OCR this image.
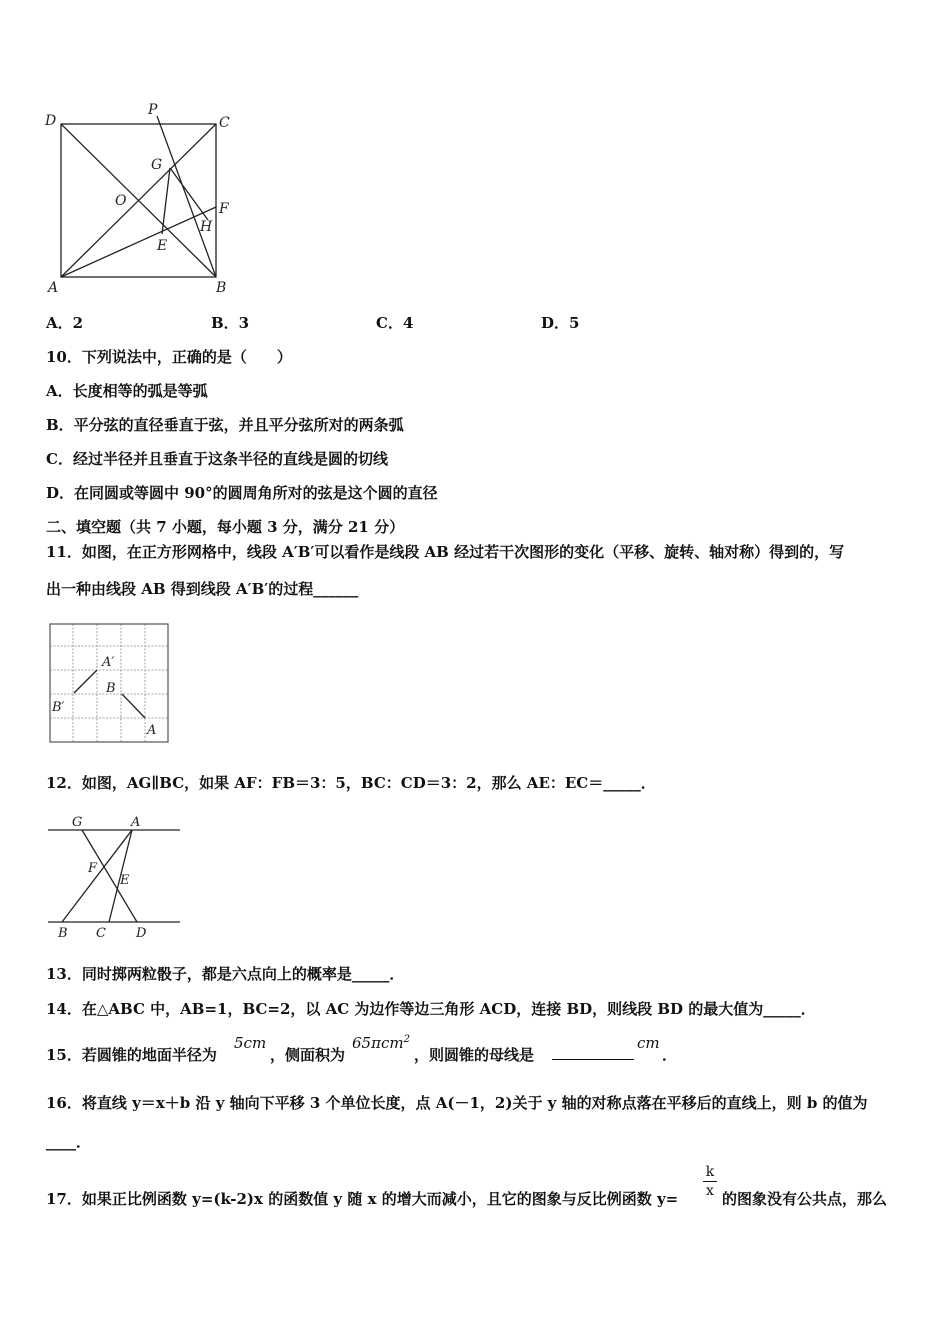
D
P
C
G
O	F
H
E
A	B
A．2	B．3	C．4	D．5
10．下列说法中，正确的是（　　）
A．长度相等的弧是等弧
B．平分弦的直径垂直于弦，并且平分弦所对的两条弧
C．经过半径并且垂直于这条半径的直线是圆的切线
D．在同圆或等圆中 90°的圆周角所对的弦是这个圆的直径
二、填空题（共 7 小题，每小题 3 分，满分 21 分）
11．如图，在正方形网格中，线段 A′B′可以看作是线段 AB 经过若干次图形的变化（平移、旋转、轴对称）得到的，写
出一种由线段 AB 得到线段 A′B′的过程______
A′
B
B′
A
12．如图，AG∥BC，如果 AF：FB＝3：5，BC：CD＝3：2，那么 AE：EC＝_____．
G	A
F
E
B C D
13．同时掷两粒骰子，都是六点向上的概率是_____．
14．在△ABC 中，AB=1，BC=2，以 AC 为边作等边三角形 ACD，连接 BD，则线段 BD 的最大值为_____．
15．若圆锥的地面半径为
5cm
，侧面积为
65πcm$^2$
，则圆锥的母线是
cm
．
16．将直线 y＝x＋b 沿 y 轴向下平移 3 个单位长度，点 A(－1，2)关于 y 轴的对称点落在平移后的直线上，则 b 的值为
____．
17．如果正比例函数 y=(k-2)x 的函数值 y 随 x 的增大而减小，且它的图象与反比例函数 y=
k
x 的图象没有公共点，那么
